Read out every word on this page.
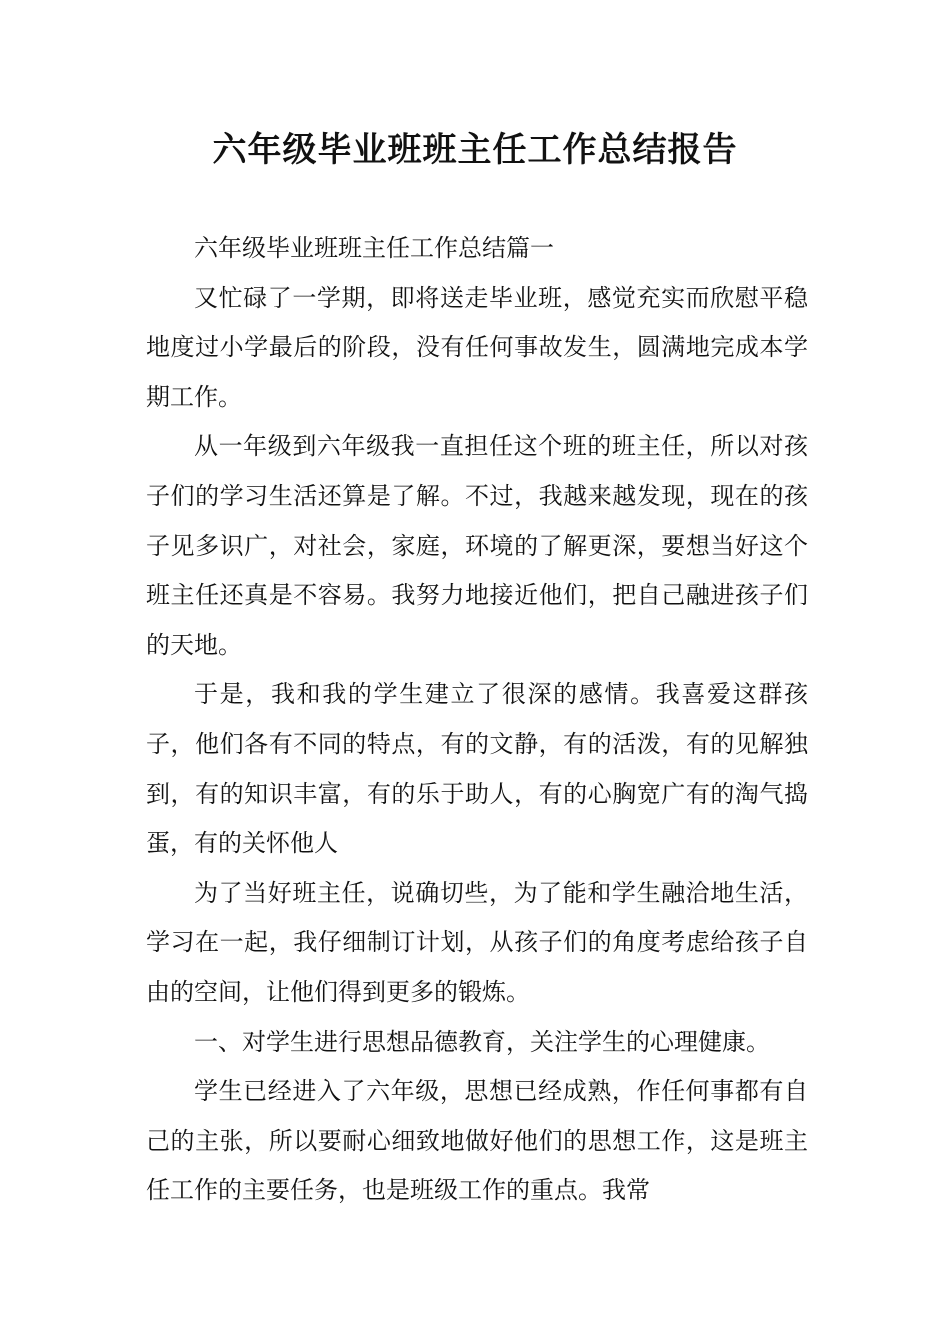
六年级毕业班班主任工作总结报告

六年级毕业班班主任工作总结篇一

又忙碌了一学期，即将送走毕业班，感觉充实而欣慰平稳地度过小学最后的阶段，没有任何事故发生，圆满地完成本学期工作。

从一年级到六年级我一直担任这个班的班主任，所以对孩子们的学习生活还算是了解。不过，我越来越发现，现在的孩子见多识广，对社会，家庭，环境的了解更深，要想当好这个班主任还真是不容易。我努力地接近他们，把自己融进孩子们的天地。

于是，我和我的学生建立了很深的感情。我喜爱这群孩子，他们各有不同的特点，有的文静，有的活泼，有的见解独到，有的知识丰富，有的乐于助人，有的心胸宽广有的淘气捣蛋，有的关怀他人

为了当好班主任，说确切些，为了能和学生融洽地生活，学习在一起，我仔细制订计划，从孩子们的角度考虑给孩子自由的空间，让他们得到更多的锻炼。

一、对学生进行思想品德教育，关注学生的心理健康。

学生已经进入了六年级，思想已经成熟，作任何事都有自己的主张，所以要耐心细致地做好他们的思想工作，这是班主任工作的主要任务，也是班级工作的重点。我常
